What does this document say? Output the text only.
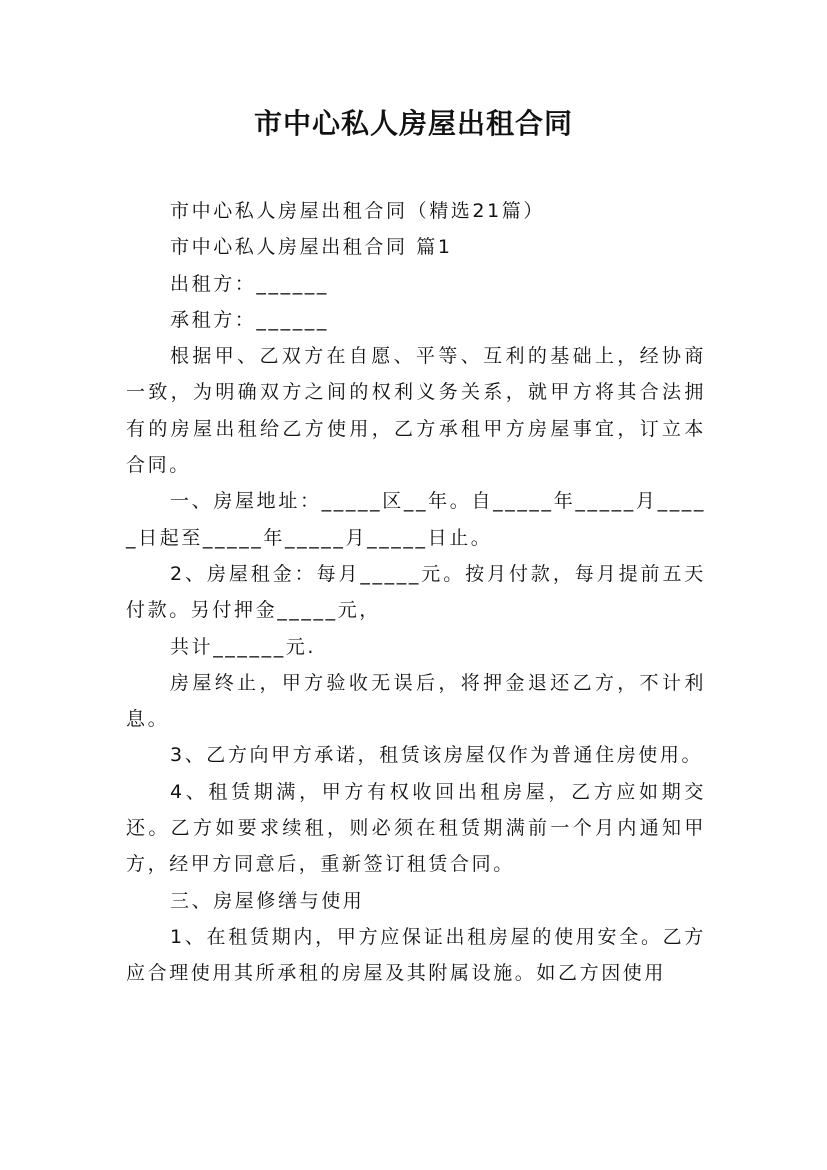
市中心私人房屋出租合同

市中心私人房屋出租合同（精选21篇）

市中心私人房屋出租合同 篇1

出租方：______

承租方：______

根据甲、乙双方在自愿、平等、互利的基础上，经协商一致，为明确双方之间的权利义务关系，就甲方将其合法拥有的房屋出租给乙方使用，乙方承租甲方房屋事宜，订立本合同。

一、房屋地址：_____区__年。自_____年_____月_____日起至_____年_____月_____日止。

2、房屋租金：每月_____元。按月付款，每月提前五天付款。另付押金_____元，

共计______元.

房屋终止，甲方验收无误后，将押金退还乙方，不计利息。

3、乙方向甲方承诺，租赁该房屋仅作为普通住房使用。

4、租赁期满，甲方有权收回出租房屋，乙方应如期交还。乙方如要求续租，则必须在租赁期满前一个月内通知甲方，经甲方同意后，重新签订租赁合同。

三、房屋修缮与使用

1、在租赁期内，甲方应保证出租房屋的使用安全。乙方应合理使用其所承租的房屋及其附属设施。如乙方因使用
